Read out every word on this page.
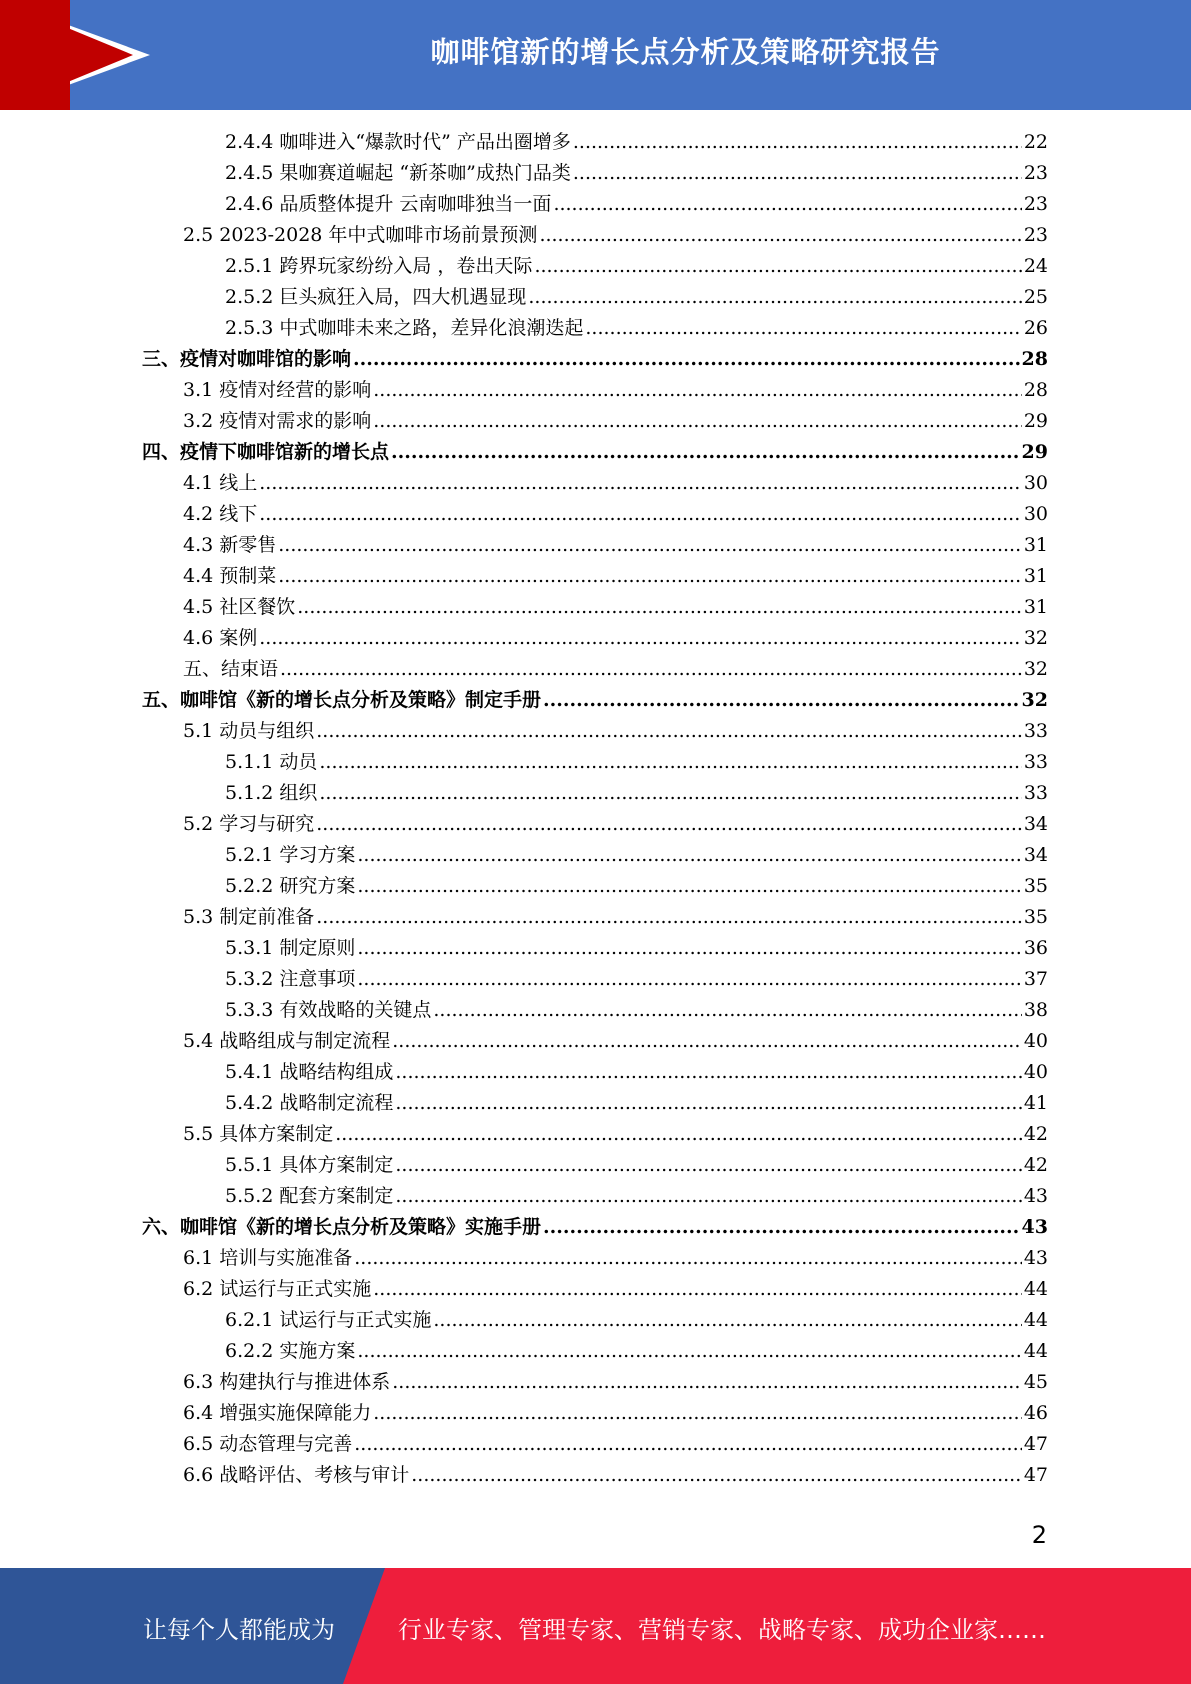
咖啡馆新的增长点分析及策略研究报告
2.4.4 咖啡进入“爆款时代” 产品出圈增多 .....	22
2.4.5 果咖赛道崛起 “新茶咖”成热门品类 .....	23
2.4.6 品质整体提升 云南咖啡独当一面 .....	23
2.5 2023-2028 年中式咖啡市场前景预测 .....	23
2.5.1 跨界玩家纷纷入局 ，卷出天际 .....	24
2.5.2 巨头疯狂入局，四大机遇显现 .....	25
2.5.3 中式咖啡未来之路，差异化浪潮迭起 .....	26
三、疫情对咖啡馆的影响 .....	28
3.1 疫情对经营的影响 .....	28
3.2 疫情对需求的影响 .....	29
四、疫情下咖啡馆新的增长点 .....	29
4.1 线上 .....	30
4.2 线下 .....	30
4.3 新零售 .....	31
4.4 预制菜 .....	31
4.5 社区餐饮 .....	31
4.6 案例 .....	32
五、结束语 .....	32
五、咖啡馆《新的增长点分析及策略》制定手册 .....	32
5.1 动员与组织 .....	33
5.1.1 动员 .....	33
5.1.2 组织 .....	33
5.2 学习与研究 .....	34
5.2.1 学习方案 .....	34
5.2.2 研究方案 .....	35
5.3 制定前准备 .....	35
5.3.1 制定原则 .....	36
5.3.2 注意事项 .....	37
5.3.3 有效战略的关键点 .....	38
5.4 战略组成与制定流程 .....	40
5.4.1 战略结构组成 .....	40
5.4.2 战略制定流程 .....	41
5.5 具体方案制定 .....	42
5.5.1 具体方案制定 .....	42
5.5.2 配套方案制定 .....	43
六、咖啡馆《新的增长点分析及策略》实施手册 .....	43
6.1 培训与实施准备 .....	43
6.2 试运行与正式实施 .....	44
6.2.1 试运行与正式实施 .....	44
6.2.2 实施方案 .....	44
6.3 构建执行与推进体系 .....	45
6.4 增强实施保障能力 .....	46
6.5 动态管理与完善 .....	47
6.6 战略评估、考核与审计 .....	47
2
让每个人都能成为	行业专家、管理专家、营销专家、战略专家、成功企业家……
